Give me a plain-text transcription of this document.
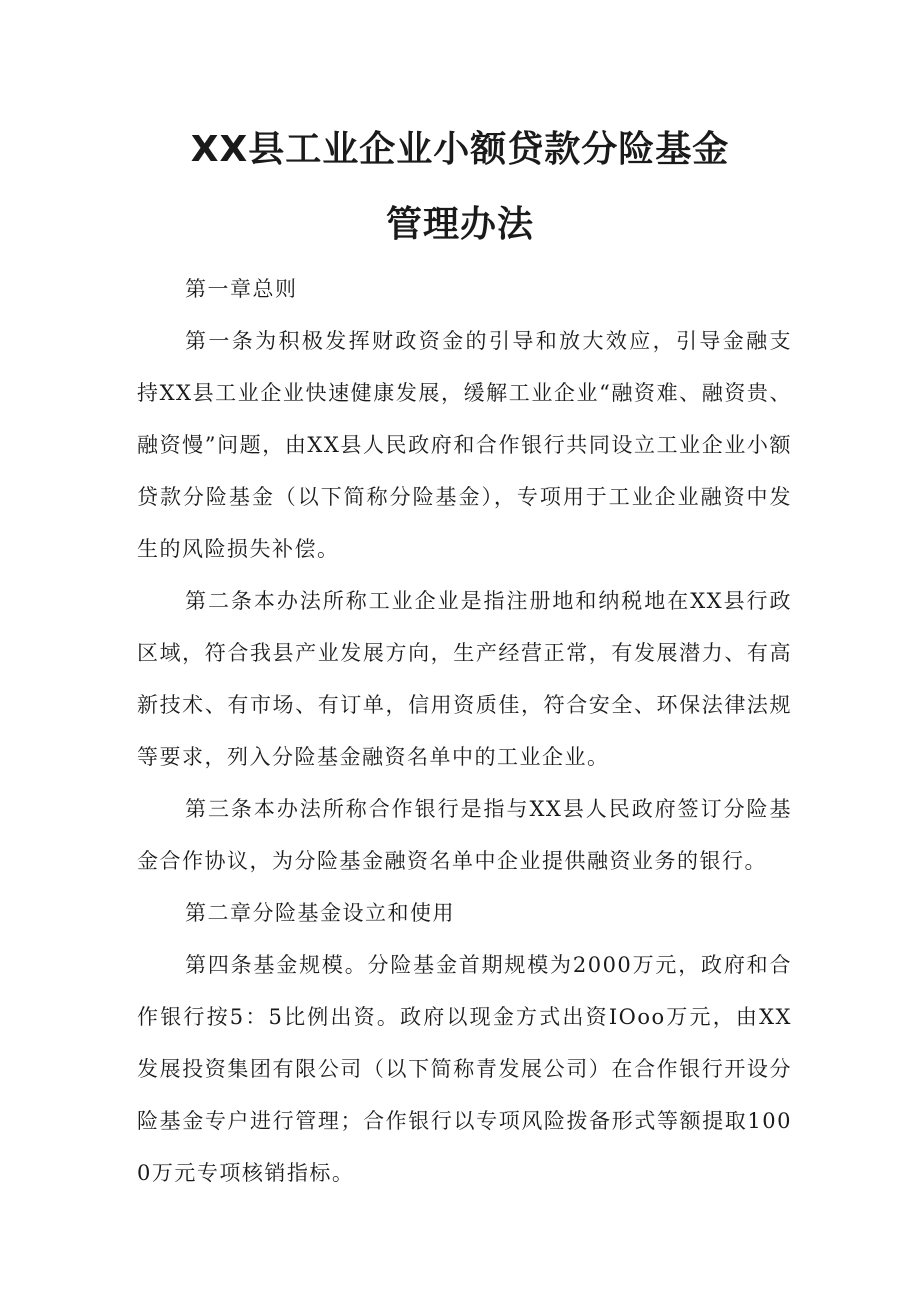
XX县工业企业小额贷款分险基金
管理办法

第一章总则

第一条为积极发挥财政资金的引导和放大效应，引导金融支持XX县工业企业快速健康发展，缓解工业企业“融资难、融资贵、融资慢”问题，由XX县人民政府和合作银行共同设立工业企业小额贷款分险基金（以下简称分险基金），专项用于工业企业融资中发生的风险损失补偿。

第二条本办法所称工业企业是指注册地和纳税地在XX县行政区域，符合我县产业发展方向，生产经营正常，有发展潜力、有高新技术、有市场、有订单，信用资质佳，符合安全、环保法律法规等要求，列入分险基金融资名单中的工业企业。

第三条本办法所称合作银行是指与XX县人民政府签订分险基金合作协议，为分险基金融资名单中企业提供融资业务的银行。

第二章分险基金设立和使用

第四条基金规模。分险基金首期规模为2000万元，政府和合作银行按5：5比例出资。政府以现金方式出资IOoo万元，由XX发展投资集团有限公司（以下简称青发展公司）在合作银行开设分险基金专户进行管理；合作银行以专项风险拨备形式等额提取1000万元专项核销指标。
